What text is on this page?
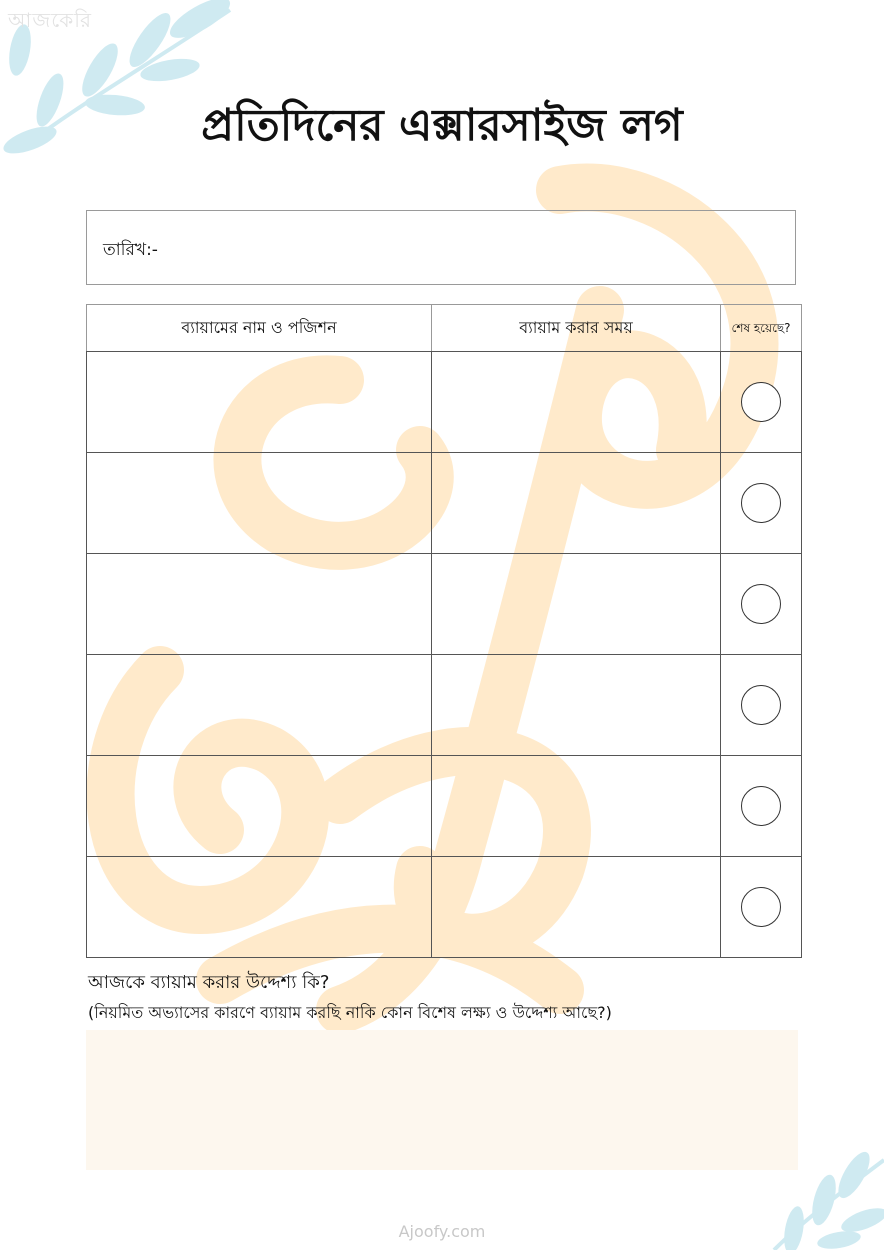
আজকেরি
প্রতিদিনের এক্সারসাইজ লগ
তারিখ:-
ব্যায়ামের নাম ও পজিশন	ব্যায়াম করার সময়	শেষ হয়েছে?

আজকে ব্যায়াম করার উদ্দেশ্য কি?
(নিয়মিত অভ্যাসের কারণে ব্যায়াম করছি নাকি কোন বিশেষ লক্ষ্য ও উদ্দেশ্য আছে?)
Ajoofy.com
